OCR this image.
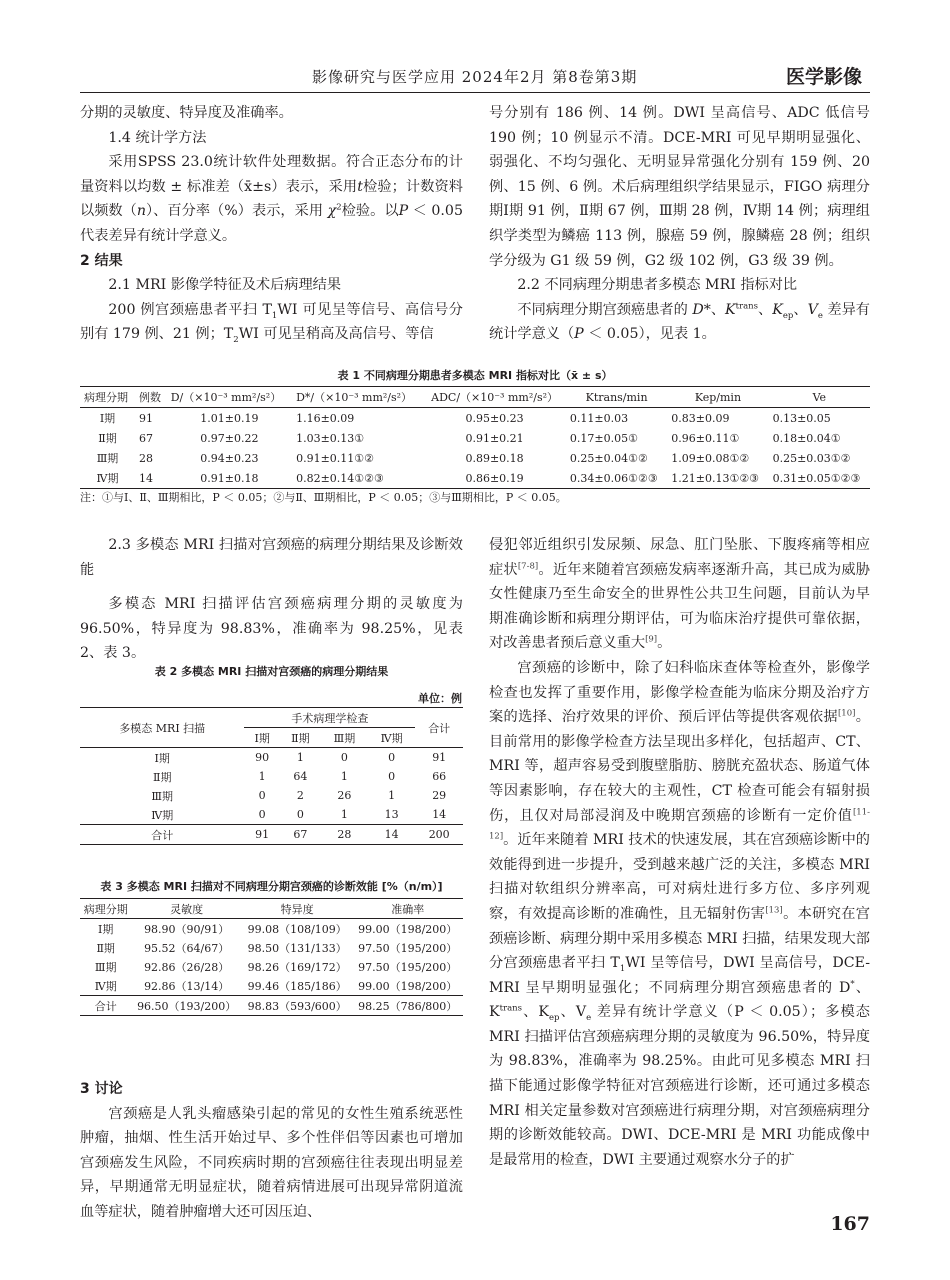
影像研究与医学应用 2024年2月 第8卷第3期	医学影像

分期的灵敏度、特异度及准确率。

1.4 统计学方法

采用SPSS 23.0统计软件处理数据。符合正态分布的计量资料以均数 ± 标准差（x̄±s）表示，采用t检验；计数资料以频数（n）、百分率（%）表示，采用 $\chi^2$检验。以P ＜ 0.05 代表差异有统计学意义。

2 结果

2.1 MRI 影像学特征及术后病理结果

200 例宫颈癌患者平扫 $T_1WI$ 可见呈等信号、高信号分别有 179 例、21 例；$T_2WI$ 可见呈稍高及高信号、等信

号分别有 186 例、14 例。DWI 呈高信号、ADC 低信号 190 例；10 例显示不清。DCE-MRI 可见早期明显强化、弱强化、不均匀强化、无明显异常强化分别有 159 例、20 例、15 例、6 例。术后病理组织学结果显示，FIGO 病理分期Ⅰ期 91 例，Ⅱ期 67 例，Ⅲ期 28 例，Ⅳ期 14 例；病理组织学类型为鳞癌 113 例，腺癌 59 例，腺鳞癌 28 例；组织学分级为 G1 级 59 例，G2 级 102 例，G3 级 39 例。

2.2 不同病理分期患者多模态 MRI 指标对比

不同病理分期宫颈癌患者的 D*、$K^{trans}$、$K_{ep}$、$V_e$ 差异有统计学意义（P ＜ 0.05），见表 1。

表 1 不同病理分期患者多模态 MRI 指标对比（x̄ ± s）
病理分期	例数	D/（×10⁻³ mm²/s²）	D*/（×10⁻³ mm²/s²）	ADC/（×10⁻³ mm²/s²）	Ktrans/min	Kep/min	Ve
Ⅰ期	91	1.01±0.19	1.16±0.09	0.95±0.23	0.11±0.03	0.83±0.09	0.13±0.05
Ⅱ期	67	0.97±0.22	1.03±0.13①	0.91±0.21	0.17±0.05①	0.96±0.11①	0.18±0.04①
Ⅲ期	28	0.94±0.23	0.91±0.11①②	0.89±0.18	0.25±0.04①②	1.09±0.08①②	0.25±0.03①②
Ⅳ期	14	0.91±0.18	0.82±0.14①②③	0.86±0.19	0.34±0.06①②③	1.21±0.13①②③	0.31±0.05①②③
注：①与Ⅰ、Ⅱ、Ⅲ期相比，P ＜ 0.05；②与Ⅱ、Ⅲ期相比，P ＜ 0.05；③与Ⅲ期相比，P ＜ 0.05。

2.3 多模态 MRI 扫描对宫颈癌的病理分期结果及诊断效能

多模态 MRI 扫描评估宫颈癌病理分期的灵敏度为 96.50%，特异度为 98.83%，准确率为 98.25%，见表 2、表 3。

表 2 多模态 MRI 扫描对宫颈癌的病理分期结果
单位：例
多模态 MRI 扫描	手术病理学检查				合计
	Ⅰ期	Ⅱ期	Ⅲ期	Ⅳ期	
Ⅰ期	90	1	0	0	91
Ⅱ期	1	64	1	0	66
Ⅲ期	0	2	26	1	29
Ⅳ期	0	0	1	13	14
合计	91	67	28	14	200
表 3 多模态 MRI 扫描对不同病理分期宫颈癌的诊断效能 [%（n/m）]
病理分期	灵敏度	特异度	准确率
Ⅰ期	98.90（90/91）	99.08（108/109）	99.00（198/200）
Ⅱ期	95.52（64/67）	98.50（131/133）	97.50（195/200）
Ⅲ期	92.86（26/28）	98.26（169/172）	97.50（195/200）
Ⅳ期	92.86（13/14）	99.46（185/186）	99.00（198/200）
合计	96.50（193/200）	98.83（593/600）	98.25（786/800）

3 讨论

宫颈癌是人乳头瘤感染引起的常见的女性生殖系统恶性肿瘤，抽烟、性生活开始过早、多个性伴侣等因素也可增加宫颈癌发生风险，不同疾病时期的宫颈癌往往表现出明显差异，早期通常无明显症状，随着病情进展可出现异常阴道流血等症状，随着肿瘤增大还可因压迫、

侵犯邻近组织引发尿频、尿急、肛门坠胀、下腹疼痛等相应症状[7-8]。近年来随着宫颈癌发病率逐渐升高，其已成为威胁女性健康乃至生命安全的世界性公共卫生问题，目前认为早期准确诊断和病理分期评估，可为临床治疗提供可靠依据，对改善患者预后意义重大[9]。

宫颈癌的诊断中，除了妇科临床查体等检查外，影像学检查也发挥了重要作用，影像学检查能为临床分期及治疗方案的选择、治疗效果的评价、预后评估等提供客观依据[10]。目前常用的影像学检查方法呈现出多样化，包括超声、CT、MRI 等，超声容易受到腹壁脂肪、膀胱充盈状态、肠道气体等因素影响，存在较大的主观性，CT 检查可能会有辐射损伤，且仅对局部浸润及中晚期宫颈癌的诊断有一定价值[11-12]。近年来随着 MRI 技术的快速发展，其在宫颈癌诊断中的效能得到进一步提升，受到越来越广泛的关注，多模态 MRI 扫描对软组织分辨率高，可对病灶进行多方位、多序列观察，有效提高诊断的准确性，且无辐射伤害[13]。本研究在宫颈癌诊断、病理分期中采用多模态 MRI 扫描，结果发现大部分宫颈癌患者平扫 $T_1WI$ 呈等信号，DWI 呈高信号，DCE-MRI 呈早期明显强化；不同病理分期宫颈癌患者的 D*、$K^{trans}$、$K_{ep}$、$V_e$ 差异有统计学意义（P ＜ 0.05）；多模态 MRI 扫描评估宫颈癌病理分期的灵敏度为 96.50%，特异度为 98.83%，准确率为 98.25%。由此可见多模态 MRI 扫描下能通过影像学特征对宫颈癌进行诊断，还可通过多模态 MRI 相关定量参数对宫颈癌进行病理分期，对宫颈癌病理分期的诊断效能较高。DWI、DCE-MRI 是 MRI 功能成像中是最常用的检查，DWI 主要通过观察水分子的扩

167
